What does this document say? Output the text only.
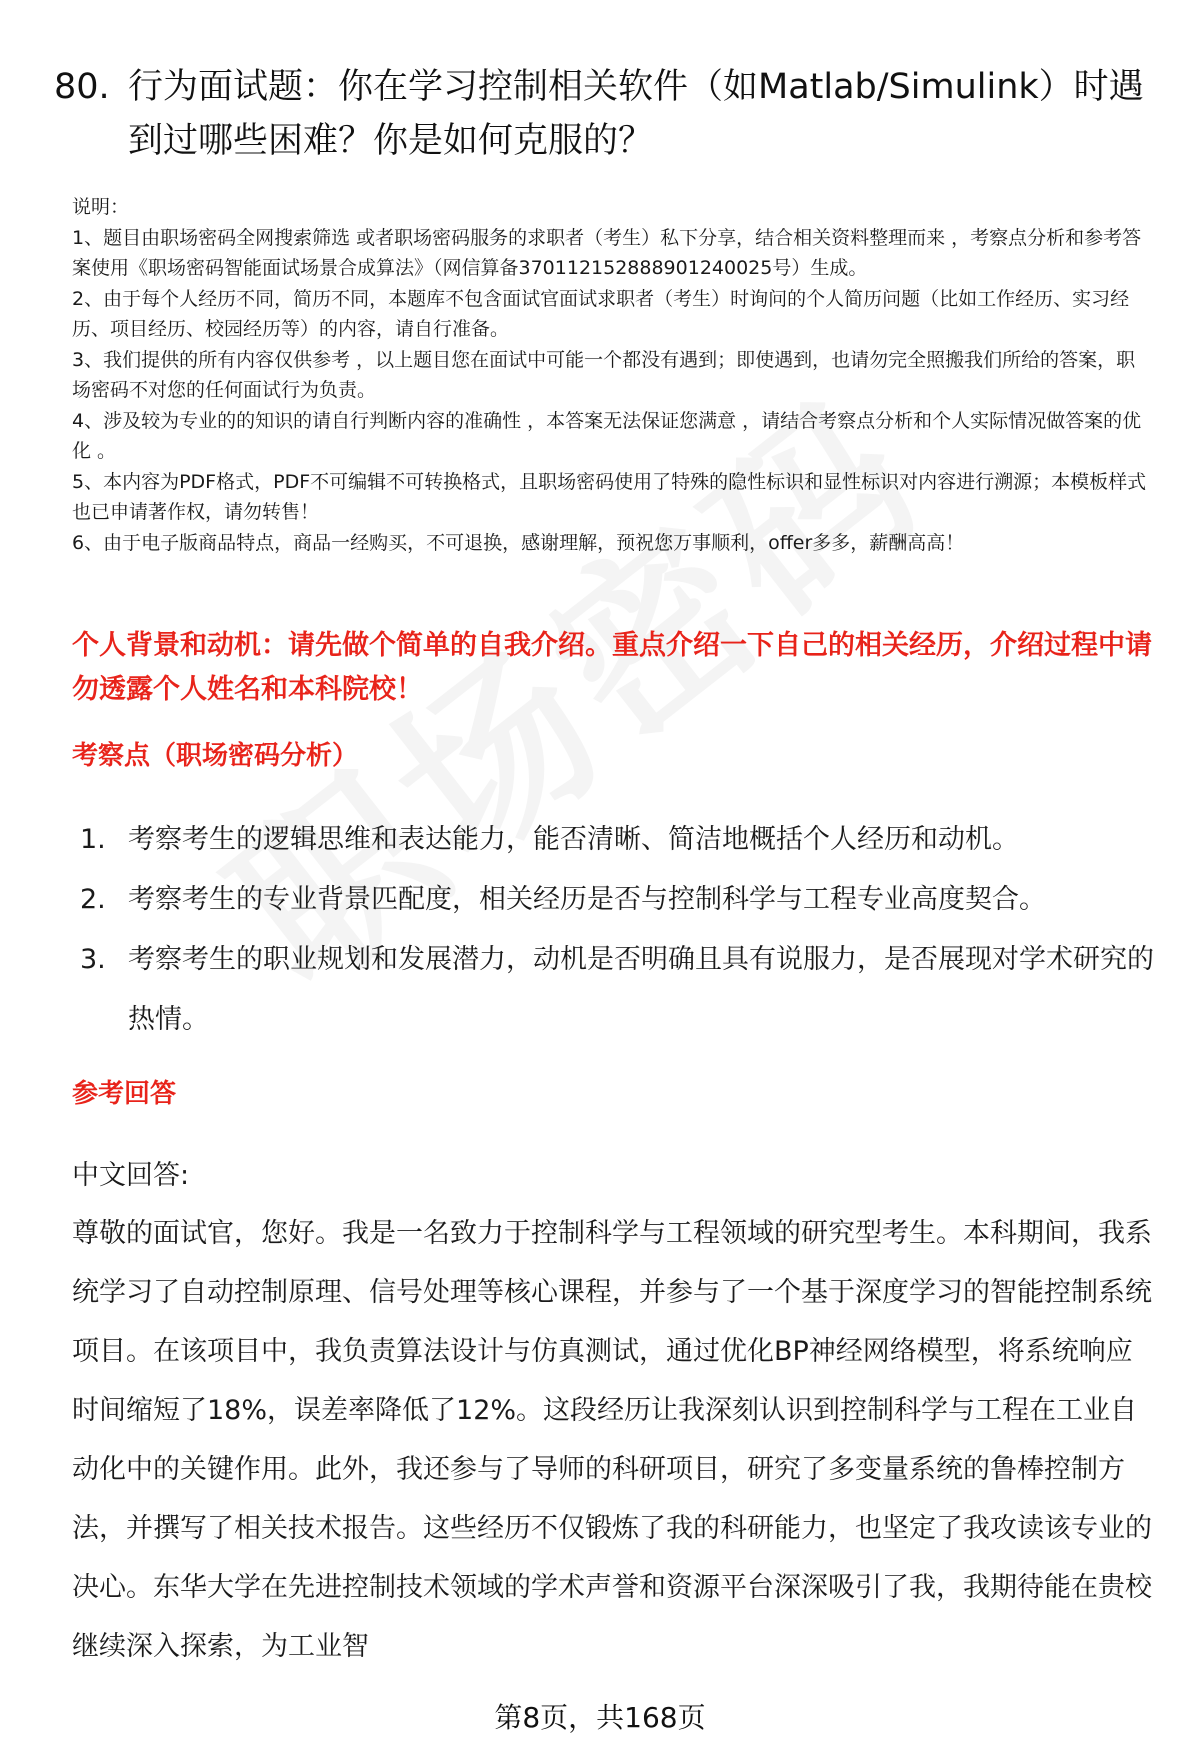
80. 行为面试题：你在学习控制相关软件（如Matlab/Simulink）时遇到过哪些困难？你是如何克服的？

说明：

1、题目由职场密码全网搜索筛选 或者职场密码服务的求职者（考生）私下分享，结合相关资料整理而来 ，考察点分析和参考答案使用《职场密码智能面试场景合成算法》（网信算备370112152888901240025号）生成。

2、由于每个人经历不同，简历不同，本题库不包含面试官面试求职者（考生）时询问的个人简历问题（比如工作经历、实习经历、项目经历、校园经历等）的内容，请自行准备。

3、我们提供的所有内容仅供参考 ，以上题目您在面试中可能一个都没有遇到；即使遇到，也请勿完全照搬我们所给的答案，职场密码不对您的任何面试行为负责。

4、涉及较为专业的的知识的请自行判断内容的准确性 ，本答案无法保证您满意 ，请结合考察点分析和个人实际情况做答案的优化 。

5、本内容为PDF格式，PDF不可编辑不可转换格式，且职场密码使用了特殊的隐性标识和显性标识对内容进行溯源；本模板样式也已申请著作权，请勿转售！

6、由于电子版商品特点，商品一经购买，不可退换，感谢理解，预祝您万事顺利，offer多多，薪酬高高！

个人背景和动机：请先做个简单的自我介绍。重点介绍一下自己的相关经历，介绍过程中请勿透露个人姓名和本科院校！
考察点（职场密码分析）
1. 考察考生的逻辑思维和表达能力，能否清晰、简洁地概括个人经历和动机。
2. 考察考生的专业背景匹配度，相关经历是否与控制科学与工程专业高度契合。
3. 考察考生的职业规划和发展潜力，动机是否明确且具有说服力，是否展现对学术研究的热情。
参考回答
中文回答:

尊敬的面试官，您好。我是一名致力于控制科学与工程领域的研究型考生。本科期间，我系统学习了自动控制原理、信号处理等核心课程，并参与了一个基于深度学习的智能控制系统项目。在该项目中，我负责算法设计与仿真测试，通过优化BP神经网络模型，将系统响应时间缩短了18%，误差率降低了12%。这段经历让我深刻认识到控制科学与工程在工业自动化中的关键作用。此外，我还参与了导师的科研项目，研究了多变量系统的鲁棒控制方法，并撰写了相关技术报告。这些经历不仅锻炼了我的科研能力，也坚定了我攻读该专业的决心。东华大学在先进控制技术领域的学术声誉和资源平台深深吸引了我，我期待能在贵校继续深入探索，为工业智

第8页，共168页
